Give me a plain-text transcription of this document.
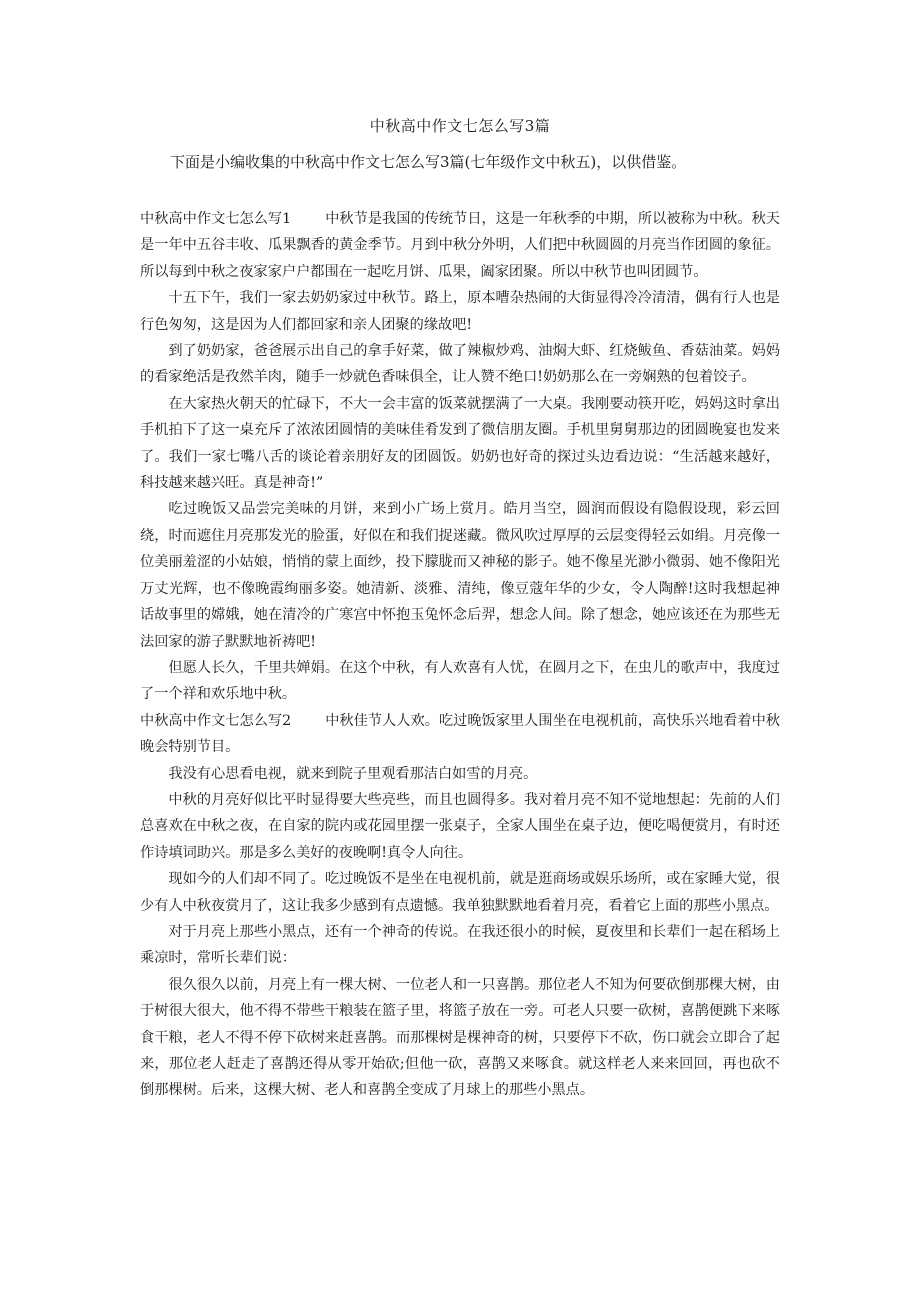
中秋高中作文七怎么写3篇
下面是小编收集的中秋高中作文七怎么写3篇(七年级作文中秋五)，以供借鉴。

中秋高中作文七怎么写1 中秋节是我国的传统节日，这是一年秋季的中期，所以被称为中秋。秋天是一年中五谷丰收、瓜果飘香的黄金季节。月到中秋分外明，人们把中秋圆圆的月亮当作团圆的象征。所以每到中秋之夜家家户户都围在一起吃月饼、瓜果，阖家团聚。所以中秋节也叫团圆节。

十五下午，我们一家去奶奶家过中秋节。路上，原本嘈杂热闹的大街显得冷冷清清，偶有行人也是行色匆匆，这是因为人们都回家和亲人团聚的缘故吧!

到了奶奶家，爸爸展示出自己的拿手好菜，做了辣椒炒鸡、油焖大虾、红烧鲅鱼、香菇油菜。妈妈的看家绝活是孜然羊肉，随手一炒就色香味俱全，让人赞不绝口!奶奶那么在一旁娴熟的包着饺子。

在大家热火朝天的忙碌下，不大一会丰富的饭菜就摆满了一大桌。我刚要动筷开吃，妈妈这时拿出手机拍下了这一桌充斥了浓浓团圆情的美味佳肴发到了微信朋友圈。手机里舅舅那边的团圆晚宴也发来了。我们一家七嘴八舌的谈论着亲朋好友的团圆饭。奶奶也好奇的探过头边看边说：“生活越来越好，科技越来越兴旺。真是神奇!”

吃过晚饭又品尝完美味的月饼，来到小广场上赏月。皓月当空，圆润而假设有隐假设现，彩云回绕，时而遮住月亮那发光的脸蛋，好似在和我们捉迷藏。微风吹过厚厚的云层变得轻云如绢。月亮像一位美丽羞涩的小姑娘，悄悄的蒙上面纱，投下朦胧而又神秘的影子。她不像星光渺小微弱、她不像阳光万丈光辉，也不像晚霞绚丽多姿。她清新、淡雅、清纯，像豆蔻年华的少女，令人陶醉!这时我想起神话故事里的嫦娥，她在清冷的广寒宫中怀抱玉兔怀念后羿，想念人间。除了想念，她应该还在为那些无法回家的游子默默地祈祷吧!

但愿人长久，千里共婵娟。在这个中秋，有人欢喜有人忧，在圆月之下，在虫儿的歌声中，我度过了一个祥和欢乐地中秋。

中秋高中作文七怎么写2 中秋佳节人人欢。吃过晚饭家里人围坐在电视机前，高快乐兴地看着中秋晚会特别节目。

我没有心思看电视，就来到院子里观看那洁白如雪的月亮。

中秋的月亮好似比平时显得要大些亮些，而且也圆得多。我对着月亮不知不觉地想起：先前的人们总喜欢在中秋之夜，在自家的院内或花园里摆一张桌子，全家人围坐在桌子边，便吃喝便赏月，有时还作诗填词助兴。那是多么美好的夜晚啊!真令人向往。

现如今的人们却不同了。吃过晚饭不是坐在电视机前，就是逛商场或娱乐场所，或在家睡大觉，很少有人中秋夜赏月了，这让我多少感到有点遗憾。我单独默默地看着月亮，看着它上面的那些小黑点。

对于月亮上那些小黑点，还有一个神奇的传说。在我还很小的时候，夏夜里和长辈们一起在稻场上乘凉时，常听长辈们说：

很久很久以前，月亮上有一棵大树、一位老人和一只喜鹊。那位老人不知为何要砍倒那棵大树，由于树很大很大，他不得不带些干粮装在篮子里，将篮子放在一旁。可老人只要一砍树，喜鹊便跳下来啄食干粮，老人不得不停下砍树来赶喜鹊。而那棵树是棵神奇的树，只要停下不砍，伤口就会立即合了起来，那位老人赶走了喜鹊还得从零开始砍;但他一砍，喜鹊又来啄食。就这样老人来来回回，再也砍不倒那棵树。后来，这棵大树、老人和喜鹊全变成了月球上的那些小黑点。
